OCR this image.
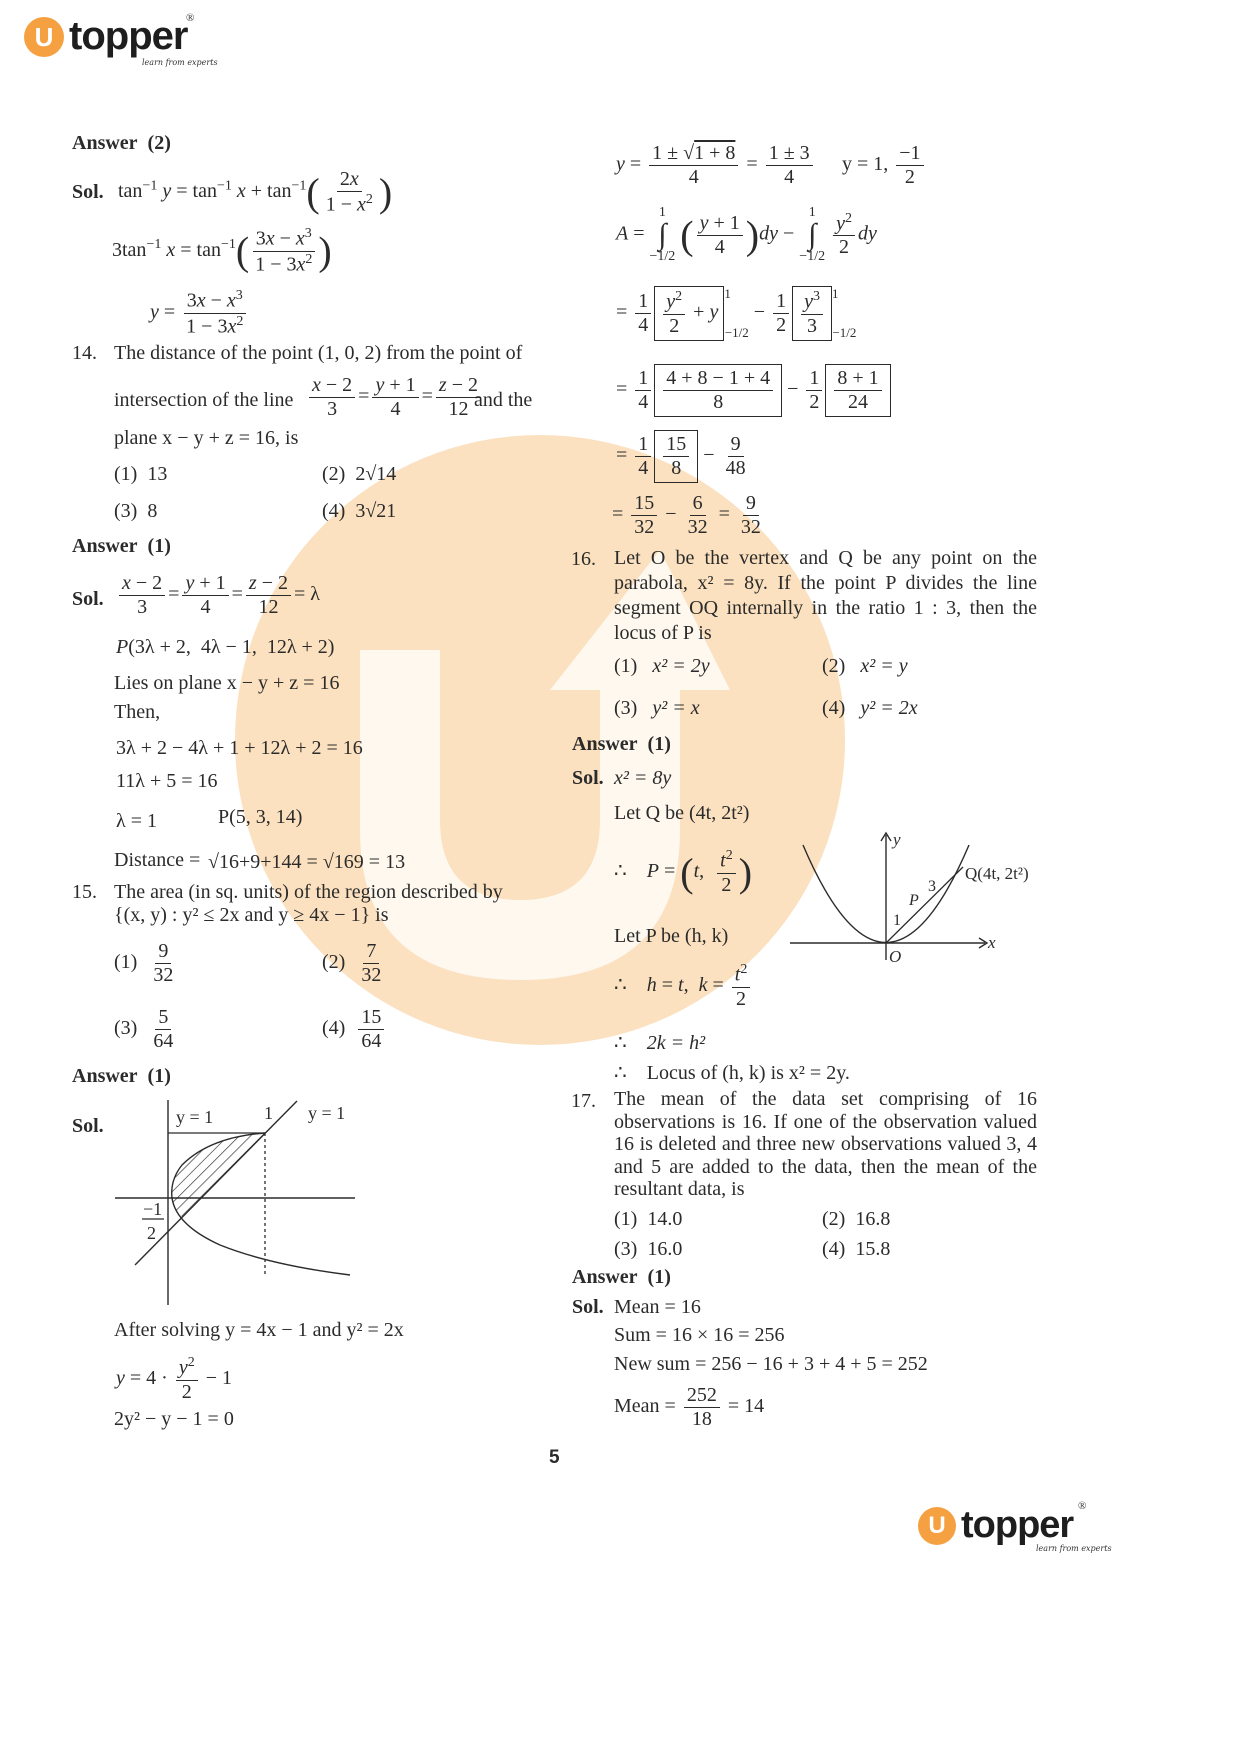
U topper
®
learn from experts
Answer (2)
Sol. $\tan^{-1} y = \tan^{-1} x + \tan^{-1}( \frac{2x}{1 - x^2}$ )
$3\tan^{-1}$ $x = \tan^{-1}( \frac{3x - x^3}{1 - 3x^2}$ )
$y = \frac{3x - x^3}{1 - 3x^2}$
14. The distance of the point (1, 0, 2) from the point of
intersection of the line $\frac{x - 2}{3} = \frac{y + 1}{4} = \frac{z - 2}{12}$
and the
plane x − y + z = 16, is
(1) 13	(2) 2√14
(3) 8	(4) 3√21
Answer (1)
Sol. $\frac{x - 2}{3} = \frac{y + 1}{4} = \frac{z - 2}{12} = \lambda$
P(3λ + 2,  4λ − 1,  12λ + 2)
Lies on plane x − y + z = 16
Then,
3λ + 2 − 4λ + 1 + 12λ + 2 = 16
11λ + 5 = 16
λ = 1	P(5, 3, 14)
Distance = √16+9+144 = √169 = 13
15. The area (in sq. units) of the region described by
{(x, y) : y² ≤ 2x and y ≥ 4x − 1} is
$(1) \frac{9}{32}$	$(2) \frac{7}{32}$
$(3) \frac{5}{64}$	$(4) \frac{15}{64}$
Answer (1)
Sol.	y = 1	1 y = 1
−1
2
After solving y = 4x − 1 and y² = 2x
$y = 4 \cdot \frac{y^2}{2} - 1$
2y² − y − 1 = 0
$y = \frac{1 \pm √1 + 8}{4} = \frac{1 \pm 3}{4}$ y = 1, $\frac{-1}{2}$
A =
1
∫
−1/2 ( $\frac{y + 1}{4} )dy$ −
1
∫
−1/2
$\frac{y^2}{2}$ dy
= $\frac{1}{4} \frac{y^2}{2} + y^1-1/2 - \frac{1}{2} \frac{y^3}{3} ^1-1/2$
= $\frac{1}{4} \frac{4 + 8 - 1 + 4}{8} - \frac{1}{2} \frac{8 + 1}{24}$
= $\frac{1}{4} \frac{15}{8} - \frac{9}{48}$
= $\frac{15}{32} - \frac{6}{32} = \frac{9}{32}$
16. Let O be the vertex and Q be any point on the parabola, x² = 8y. If the point P divides the line segment OQ internally in the ratio 1 : 3, then the locus of P is
(1) x² = 2y	(2) x² = y
(3) y² = x	(4) y² = 2x
Answer (1)
Sol. x² = 8y
Let Q be (4t, 2t²)
∴    P = (t, $\frac{t^2}{2}$ )
Let P be (h, k)
∴    h = t,  $k = \frac{t^2}{2}$
∴    2k = h²
∴    Locus of (h, k) is x² = 2y.
y
x
O
Q(4t, 2t²)
P
1
3
17. The mean of the data set comprising of 16 observations is 16. If one of the observation valued 16 is deleted and three new observations valued 3, 4 and 5 are added to the data, then the mean of the resultant data, is
(1) 14.0	(2) 16.8
(3) 16.0	(4) 15.8
Answer (1)
Sol. Mean = 16
Sum = 16 × 16 = 256
New sum = 256 − 16 + 3 + 4 + 5 = 252
Mean = $\frac{252}{18} = 14$
5
U topper ®
learn from experts
